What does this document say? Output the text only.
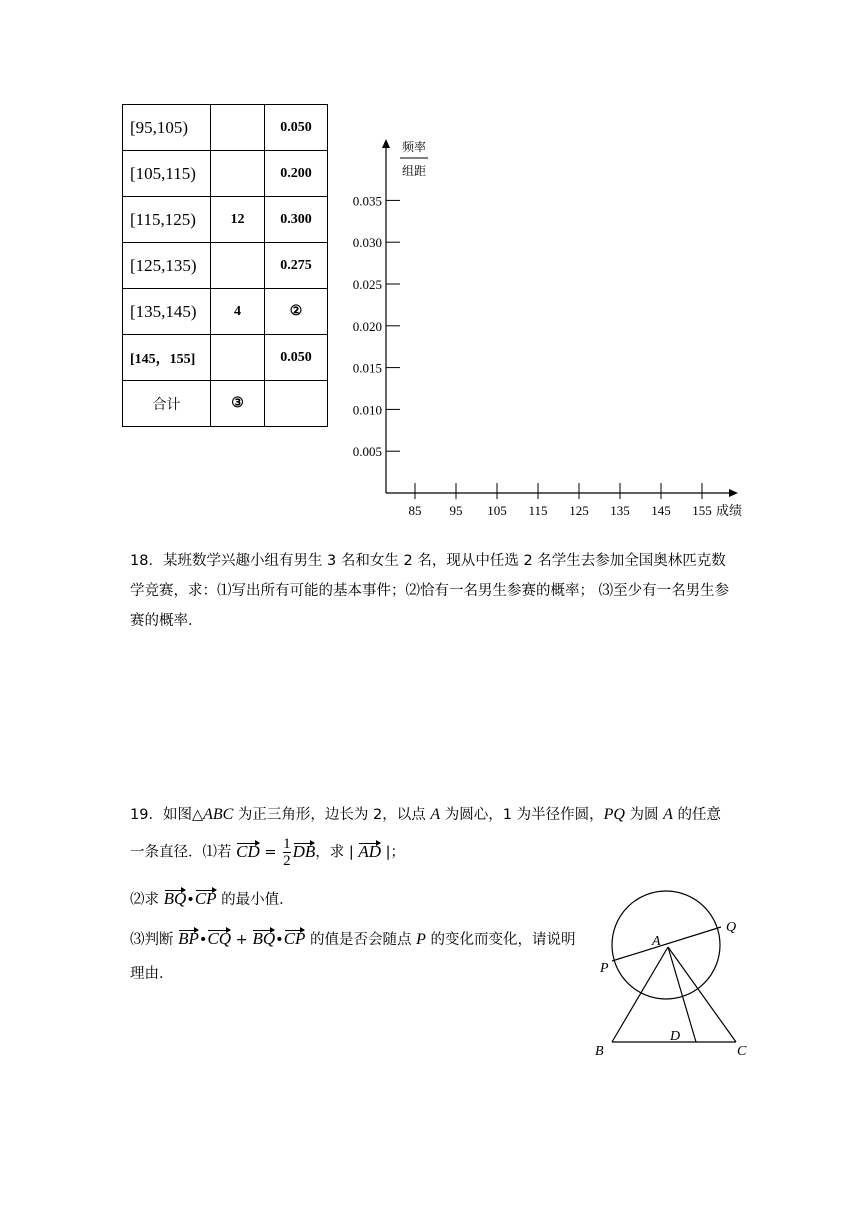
[95,105)		0.050
[105,115)		0.200
[115,125)	12	0.300
[125,135)		0.275
[135,145)	4	②
[145，155]		0.050
合计	③	
频率
组距
0.005
0.010
0.015
0.020
0.025
0.030
0.035
85 95 105 115 125 135 145 155 成绩
18．某班数学兴趣小组有男生 3 名和女生 2 名，现从中任选 2 名学生去参加全国奥林匹克数学竞赛，求：⑴写出所有可能的基本事件；⑵恰有一名男生参赛的概率； ⑶至少有一名男生参赛的概率．
19．如图△ABC 为正三角形，边长为 2，以点 A 为圆心，1 为半径作圆，PQ 为圆 A 的任意
一条直径．⑴若 CD = $\frac{1}{2}$ DB，求 | AD |；
⑵求 BQ•CP 的最小值．
⑶判断 BP•CQ + BQ•CP 的值是否会随点 P 的变化而变化，请说明
理由．	P
Q
A
B	C
D
